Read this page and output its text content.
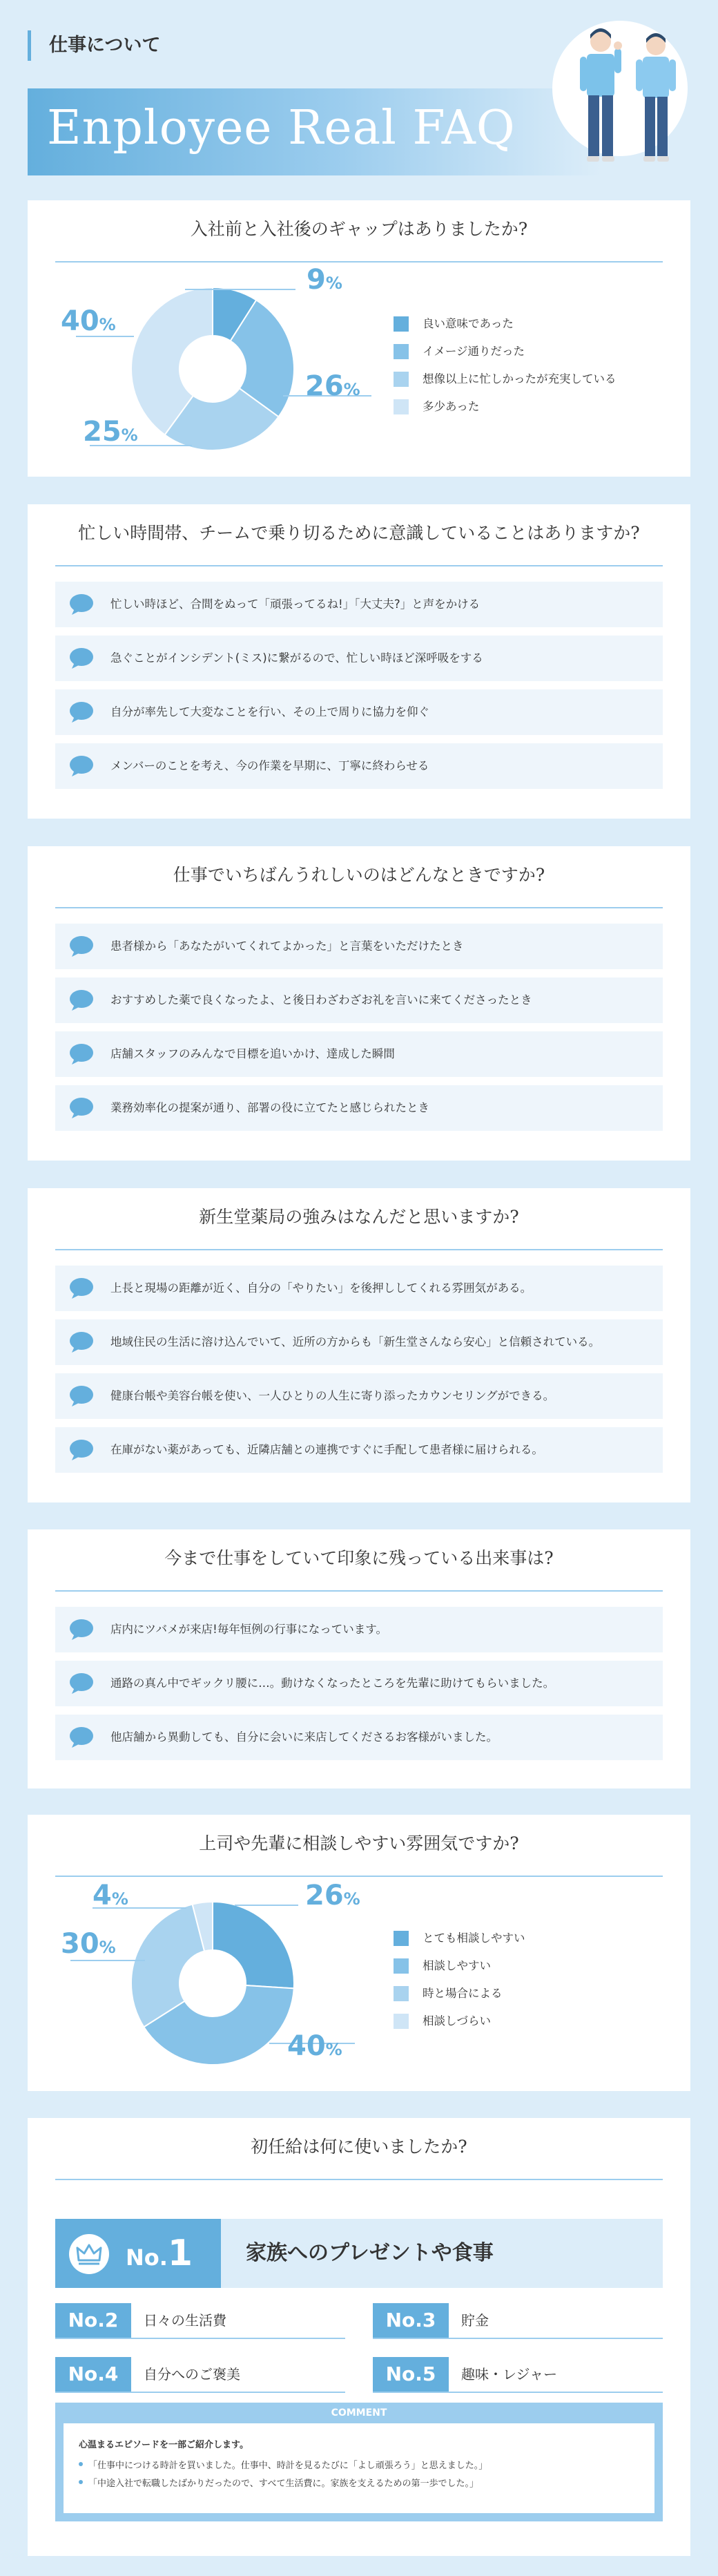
仕事について
Enployee Real FAQ
入社前と入社後のギャップはありましたか?
9%
26%
25%
40%	良い意味であった
イメージ通りだった
想像以上に忙しかったが充実している
多少あった
忙しい時間帯、チームで乗り切るために意識していることはありますか?
忙しい時ほど、合間をぬって「頑張ってるね!」「大丈夫?」と声をかける
急ぐことがインシデント(ミス)に繋がるので、忙しい時ほど深呼吸をする
自分が率先して大変なことを行い、その上で周りに協力を仰ぐ
メンバーのことを考え、今の作業を早期に、丁寧に終わらせる
仕事でいちばんうれしいのはどんなときですか?
患者様から「あなたがいてくれてよかった」と言葉をいただけたとき
おすすめした薬で良くなったよ、と後日わざわざお礼を言いに来てくださったとき
店舗スタッフのみんなで目標を追いかけ、達成した瞬間
業務効率化の提案が通り、部署の役に立てたと感じられたとき
新生堂薬局の強みはなんだと思いますか?
上長と現場の距離が近く、自分の「やりたい」を後押ししてくれる雰囲気がある。
地域住民の生活に溶け込んでいて、近所の方からも「新生堂さんなら安心」と信頼されている。
健康台帳や美容台帳を使い、一人ひとりの人生に寄り添ったカウンセリングができる。
在庫がない薬があっても、近隣店舗との連携ですぐに手配して患者様に届けられる。
今まで仕事をしていて印象に残っている出来事は?
店内にツバメが来店!毎年恒例の行事になっています。
通路の真ん中でギックリ腰に…。動けなくなったところを先輩に助けてもらいました。
他店舗から異動しても、自分に会いに来店してくださるお客様がいました。
上司や先輩に相談しやすい雰囲気ですか?
26%
40%
30%
4%
とても相談しやすい
相談しやすい
時と場合による
相談しづらい
初任給は何に使いましたか?
No.1	家族へのプレゼントや食事
No.2	日々の生活費	No.3	貯金
No.4	自分へのご褒美	No.5	趣味・レジャー
COMMENT
心温まるエピソードを一部ご紹介します。
「仕事中につける時計を買いました。仕事中、時計を見るたびに「よし頑張ろう」と思えました。」
「中途入社で転職したばかりだったので、すべて生活費に。家族を支えるための第一歩でした。」
